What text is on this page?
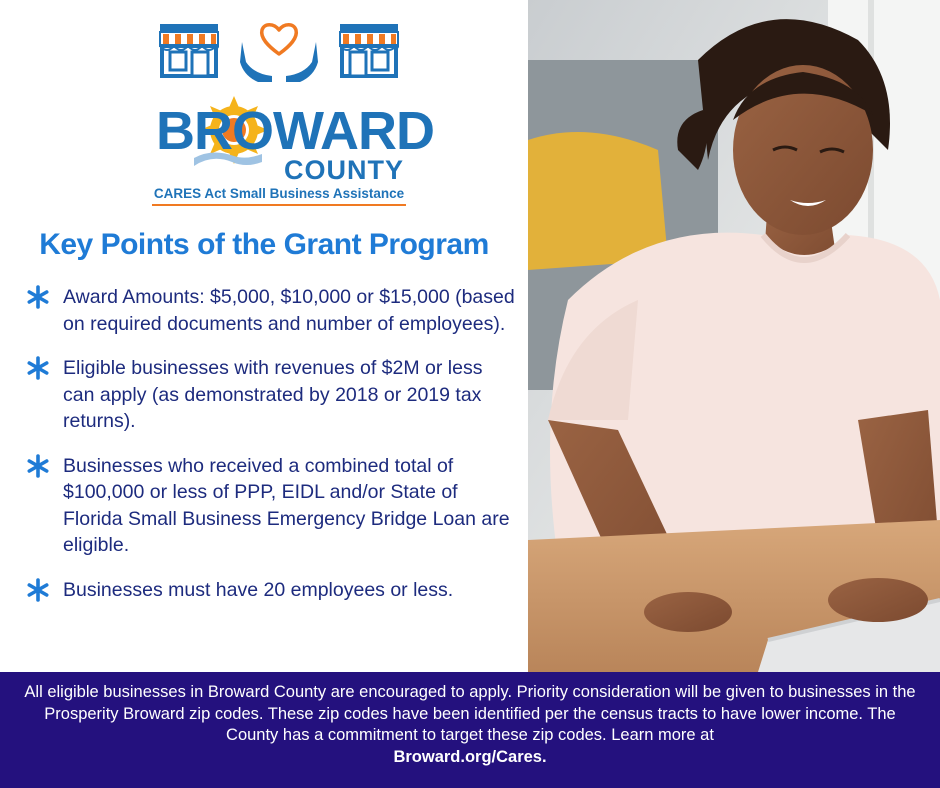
BROWARD
COUNTY
CARES Act Small Business Assistance
Key Points of the Grant Program
Award Amounts: $5,000, $10,000 or $15,000 (based on required documents and number of employees).
Eligible businesses with revenues of $2M or less can apply (as demonstrated by 2018 or 2019 tax returns).
Businesses who received a combined total of $100,000 or less of PPP, EIDL and/or State of Florida Small Business Emergency Bridge Loan are eligible.
Businesses must have 20 employees or less.

All eligible businesses in Broward County are encouraged to apply. Priority consideration will be given to businesses in the Prosperity Broward zip codes. These zip codes have been identified per the census tracts to have lower income. The County has a commitment to target these zip codes. Learn more at
Broward.org/Cares.
